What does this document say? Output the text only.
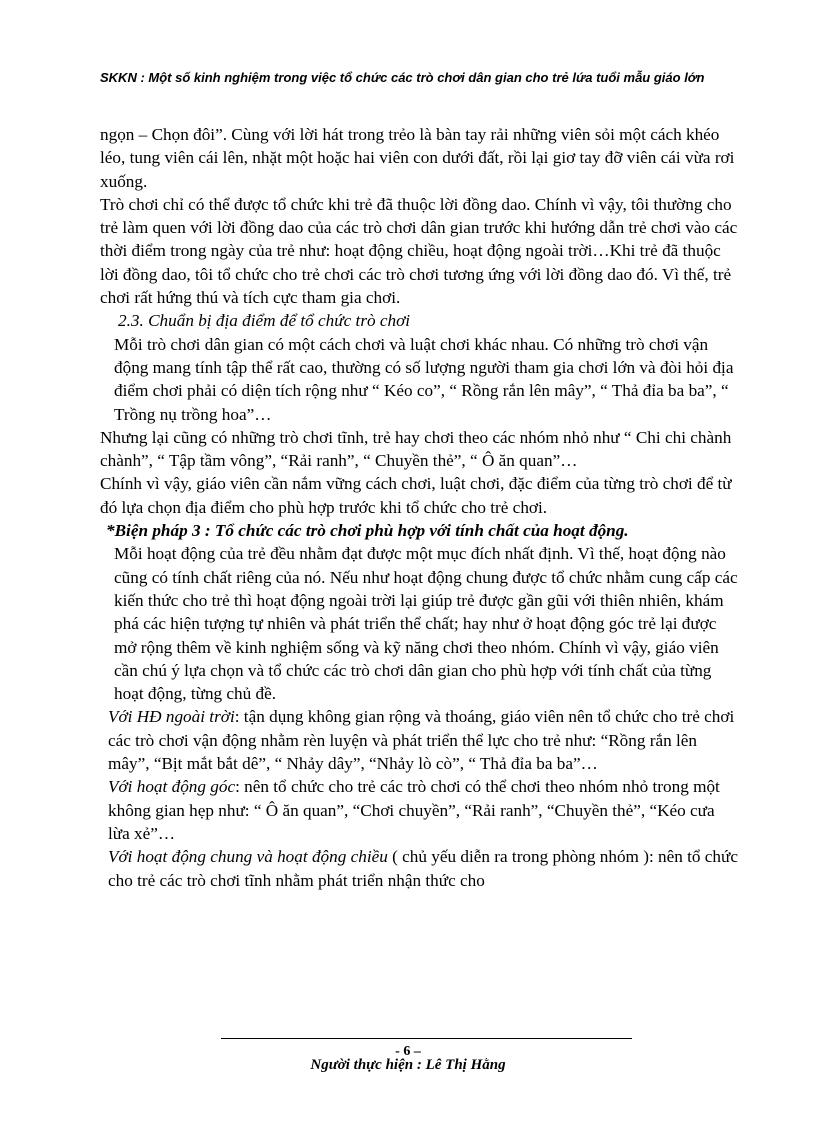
SKKN : Một số kinh nghiệm trong việc tổ chức các trò chơi dân gian cho trẻ lứa tuổi mẫu giáo lớn

ngọn – Chọn đôi”. Cùng với lời hát trong trẻo là bàn tay rải những viên sỏi một cách khéo léo, tung viên cái lên, nhặt một hoặc hai viên con dưới đất, rồi lại giơ tay đỡ viên cái vừa rơi xuống.

Trò chơi chỉ có thể được tổ chức khi trẻ đã thuộc lời đồng dao. Chính vì vậy, tôi thường cho trẻ làm quen với lời đồng dao của các trò chơi dân gian trước khi hướng dẫn trẻ chơi vào các thời điểm trong ngày của trẻ như: hoạt động chiều, hoạt động ngoài trời…Khi trẻ đã thuộc lời đồng dao, tôi tổ chức cho trẻ chơi các trò chơi tương ứng với lời đồng dao đó. Vì thế, trẻ chơi rất hứng thú và tích cực tham gia chơi.

2.3. Chuẩn bị địa điểm để tổ chức trò chơi

Mỗi trò chơi dân gian có một cách chơi và luật chơi khác nhau. Có những trò chơi vận động mang tính tập thể rất cao, thường có số lượng người tham gia chơi lớn và đòi hỏi địa điểm chơi phải có diện tích rộng như “ Kéo co”, “ Rồng rắn lên mây”, “ Thả đỉa ba ba”, “ Trồng nụ trồng hoa”…

Nhưng lại cũng có những trò chơi tĩnh, trẻ hay chơi theo các nhóm nhỏ như “ Chi chi chành chành”, “ Tập tầm vông”, “Rải ranh”, “ Chuyền thẻ”, “ Ô ăn quan”…

Chính vì vậy, giáo viên cần nắm vững cách chơi, luật chơi, đặc điểm của từng trò chơi để từ đó lựa chọn địa điểm cho phù hợp trước khi tổ chức cho trẻ chơi.

*Biện pháp 3 : Tổ chức các trò chơi phù hợp với tính chất của hoạt động.

Mỗi hoạt động của trẻ đều nhằm đạt được một mục đích nhất định. Vì thế, hoạt động nào cũng có tính chất riêng của nó. Nếu như hoạt động chung được tổ chức nhằm cung cấp các kiến thức cho trẻ thì hoạt động ngoài trời lại giúp trẻ được gần gũi với thiên nhiên, khám phá các hiện tượng tự nhiên và phát triển thể chất; hay như ở hoạt động góc trẻ lại được mở rộng thêm về kinh nghiệm sống và kỹ năng chơi theo nhóm. Chính vì vậy, giáo viên cần chú ý lựa chọn và tổ chức các trò chơi dân gian cho phù hợp với tính chất của từng hoạt động, từng chủ đề.

Với HĐ ngoài trời: tận dụng không gian rộng và thoáng, giáo viên nên tổ chức cho trẻ chơi các trò chơi vận động nhằm rèn luyện và phát triển thể lực cho trẻ như: “Rồng rắn lên mây”, “Bịt mắt bắt dê”, “ Nhảy dây”, “Nhảy lò cò”, “ Thả đỉa ba ba”…

Với hoạt động góc: nên tổ chức cho trẻ các trò chơi có thể chơi theo nhóm nhỏ trong một không gian hẹp như: “ Ô ăn quan”, “Chơi chuyền”, “Rải ranh”, “Chuyền thẻ”, “Kéo cưa lừa xẻ”…

Với hoạt động chung và hoạt động chiều ( chủ yếu diễn ra trong phòng nhóm ): nên tổ chức cho trẻ các trò chơi tĩnh nhằm phát triển nhận thức cho

- 6 –
Người thực hiện : Lê Thị Hằng
